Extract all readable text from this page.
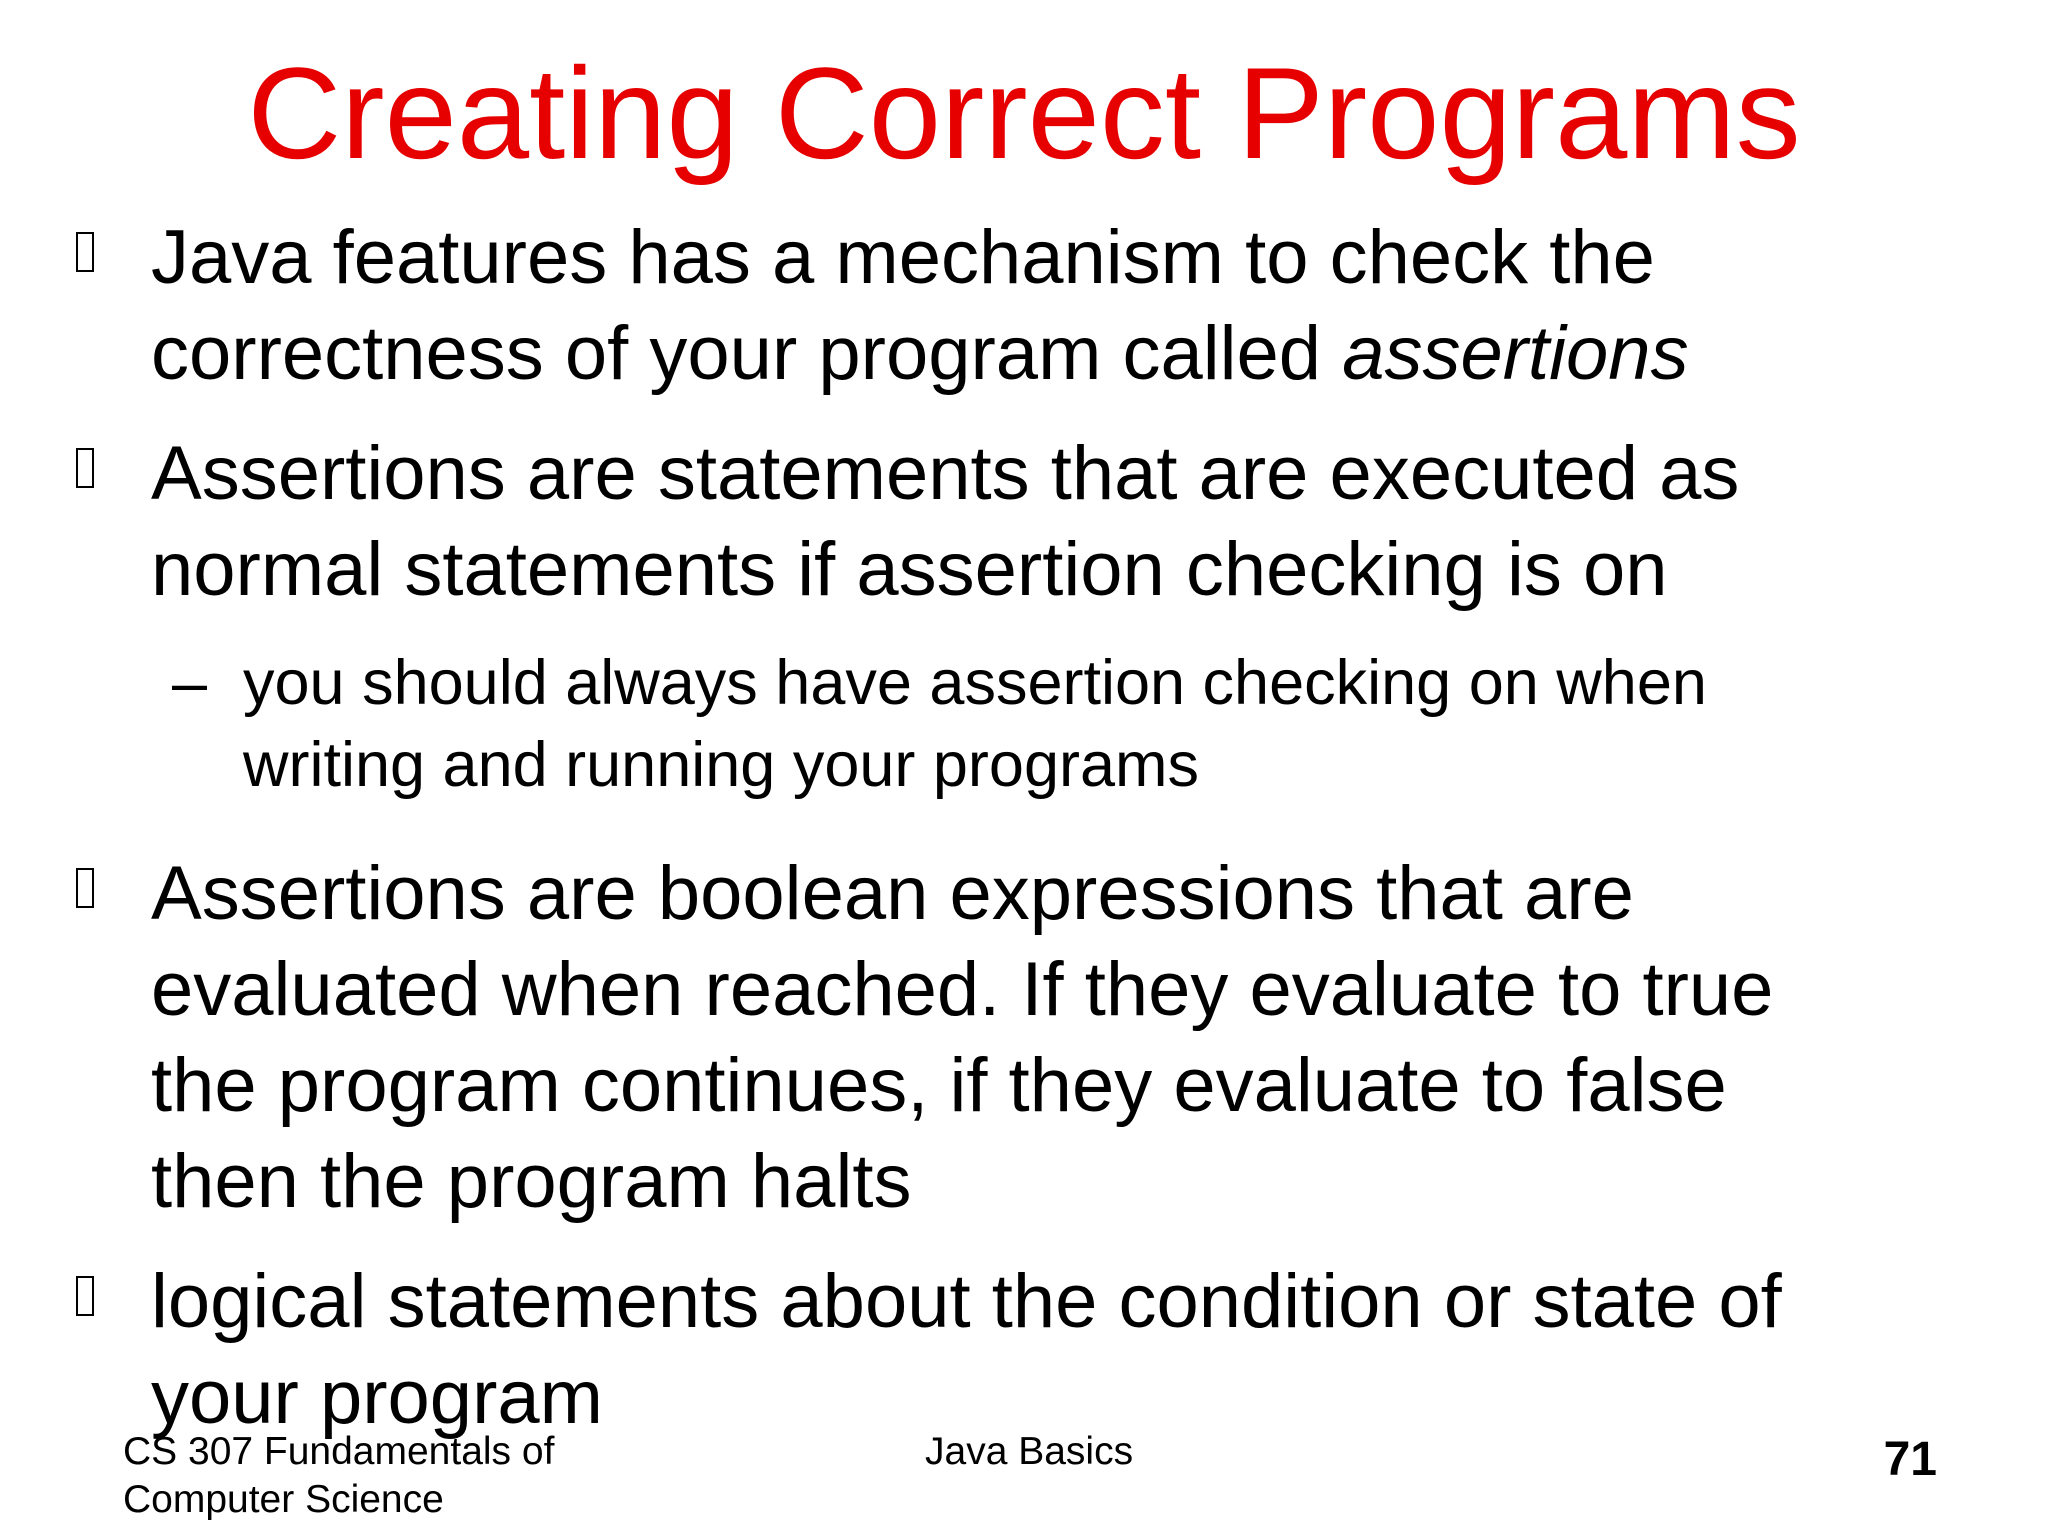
Creating Correct Programs
Java features has a mechanism to check the
correctness of your program called assertions
Assertions are statements that are executed as
normal statements if assertion checking is on
– you should always have assertion checking on when
writing and running your programs
Assertions are boolean expressions that are
evaluated when reached. If they evaluate to true
the program continues, if they evaluate to false
then the program halts
logical statements about the condition or state of
your program
CS 307 Fundamentals of
Computer Science
Java Basics	71
